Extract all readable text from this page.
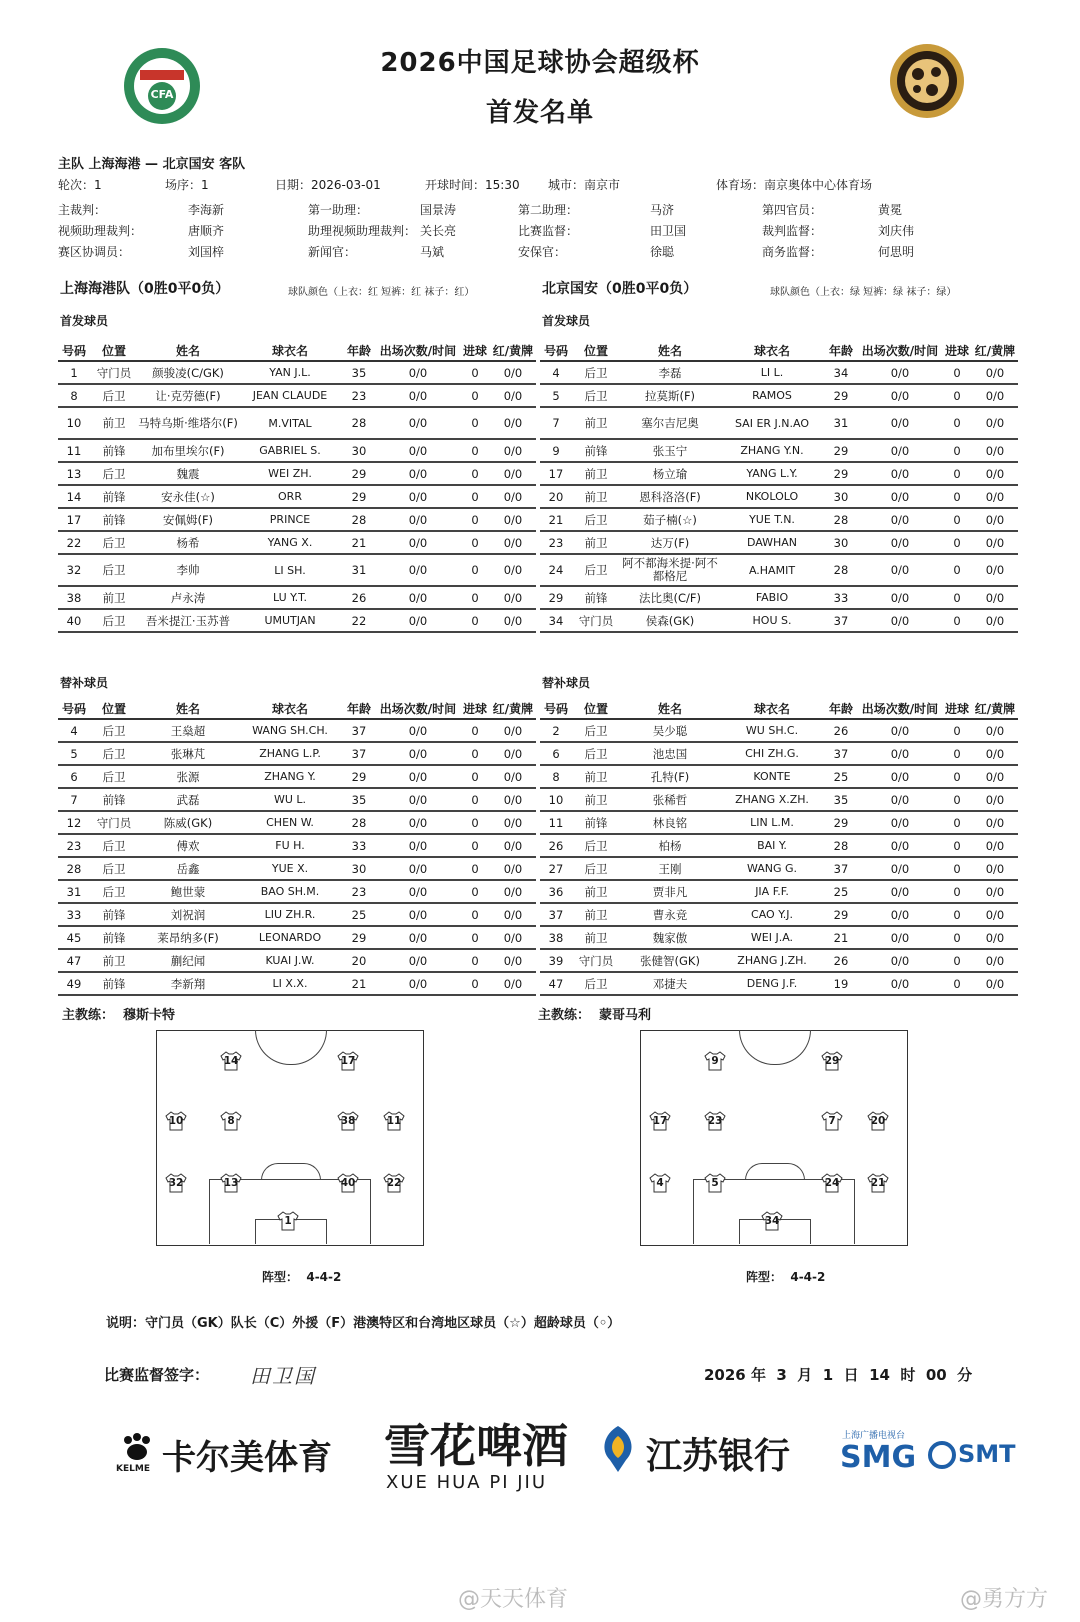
CFA
2026中国足球协会超级杯
首发名单
主队 上海海港 — 北京国安 客队
轮次：1	场序：1	日期：2026-03-01	开球时间：15:30 城市：南京市	体育场：南京奥体中心体育场
主裁判：	李海新	第一助理：	国景涛	第二助理：	马济	第四官员：	黄冕
视频助理裁判：	唐顺齐	助理视频助理裁判： 关长亮	比赛监督：	田卫国	裁判监督：	刘庆伟
赛区协调员：	刘国梓	新闻官：	马斌	安保官：	徐聪	商务监督：	何思明
上海海港队（0胜0平0负）	球队颜色（上衣：红 短裤：红 袜子：红）	北京国安（0胜0平0负）	球队颜色（上衣：绿 短裤：绿 袜子：绿）
首发球员	首发球员
号码	位置	姓名	球衣名	年龄	出场次数/时间	进球	红/黄牌
1	守门员	颜骏凌(C/GK)	YAN J.L.	35	0/0	0	0/0
8	后卫	让·克劳德(F)	JEAN CLAUDE	23	0/0	0	0/0
10	前卫	马特乌斯·维塔尔(F)	M.VITAL	28	0/0	0	0/0
11	前锋	加布里埃尔(F)	GABRIEL S.	30	0/0	0	0/0
13	后卫	魏震	WEI ZH.	29	0/0	0	0/0
14	前锋	安永佳(☆)	ORR	29	0/0	0	0/0
17	前锋	安佩姆(F)	PRINCE	28	0/0	0	0/0
22	后卫	杨希	YANG X.	21	0/0	0	0/0
32	后卫	李帅	LI SH.	31	0/0	0	0/0
38	前卫	卢永涛	LU Y.T.	26	0/0	0	0/0
40	后卫	吾米提江·玉苏普	UMUTJAN	22	0/0	0	0/0
号码	位置	姓名	球衣名	年龄	出场次数/时间	进球	红/黄牌
4	后卫	李磊	LI L.	34	0/0	0	0/0
5	后卫	拉莫斯(F)	RAMOS	29	0/0	0	0/0
7	前卫	塞尔吉尼奥	SAI ER J.N.AO	31	0/0	0	0/0
9	前锋	张玉宁	ZHANG Y.N.	29	0/0	0	0/0
17	前卫	杨立瑜	YANG L.Y.	29	0/0	0	0/0
20	前卫	恩科洛洛(F)	NKOLOLO	30	0/0	0	0/0
21	后卫	茹子楠(☆)	YUE T.N.	28	0/0	0	0/0
23	前卫	达万(F)	DAWHAN	30	0/0	0	0/0
24	后卫	阿不都海米提·阿不都格尼	A.HAMIT	28	0/0	0	0/0
29	前锋	法比奥(C/F)	FABIO	33	0/0	0	0/0
34	守门员	侯森(GK)	HOU S.	37	0/0	0	0/0
替补球员	替补球员
号码	位置	姓名	球衣名	年龄	出场次数/时间	进球	红/黄牌
4	后卫	王燊超	WANG SH.CH.	37	0/0	0	0/0
5	后卫	张琳芃	ZHANG L.P.	37	0/0	0	0/0
6	后卫	张源	ZHANG Y.	29	0/0	0	0/0
7	前锋	武磊	WU L.	35	0/0	0	0/0
12	守门员	陈威(GK)	CHEN W.	28	0/0	0	0/0
23	后卫	傅欢	FU H.	33	0/0	0	0/0
28	后卫	岳鑫	YUE X.	30	0/0	0	0/0
31	后卫	鲍世蒙	BAO SH.M.	23	0/0	0	0/0
33	前锋	刘祝润	LIU ZH.R.	25	0/0	0	0/0
45	前锋	莱昂纳多(F)	LEONARDO	29	0/0	0	0/0
47	前卫	蒯纪闻	KUAI J.W.	20	0/0	0	0/0
49	前锋	李新翔	LI X.X.	21	0/0	0	0/0
号码	位置	姓名	球衣名	年龄	出场次数/时间	进球	红/黄牌
2	后卫	吴少聪	WU SH.C.	26	0/0	0	0/0
6	后卫	池忠国	CHI ZH.G.	37	0/0	0	0/0
8	前卫	孔特(F)	KONTE	25	0/0	0	0/0
10	前卫	张稀哲	ZHANG X.ZH.	35	0/0	0	0/0
11	前锋	林良铭	LIN L.M.	29	0/0	0	0/0
26	后卫	柏杨	BAI Y.	28	0/0	0	0/0
27	后卫	王刚	WANG G.	37	0/0	0	0/0
36	前卫	贾非凡	JIA F.F.	25	0/0	0	0/0
37	前卫	曹永竞	CAO Y.J.	29	0/0	0	0/0
38	前卫	魏家傲	WEI J.A.	21	0/0	0	0/0
39	守门员	张健智(GK)	ZHANG J.ZH.	26	0/0	0	0/0
47	后卫	邓捷夫	DENG J.F.	19	0/0	0	0/0
主教练：  穆斯卡特	主教练：  蒙哥马利
14	17
10	8	38	11
32	13	40	22
1
9	29
17	23	7	20
4	5	24	21
34
阵型：  4-4-2	阵型：  4-4-2
说明：守门员（GK）队长（C）外援（F）港澳特区和台湾地区球员（☆）超龄球员（◦）
比赛监督签字： 田卫国	2026 年  3  月  1  日  14  时  00  分
KELME 卡尔美体育 雪花啤酒
XUE HUA PI JIU
江苏银行	上海广播电视台
SMG SMT
@天天体育	@勇方方
